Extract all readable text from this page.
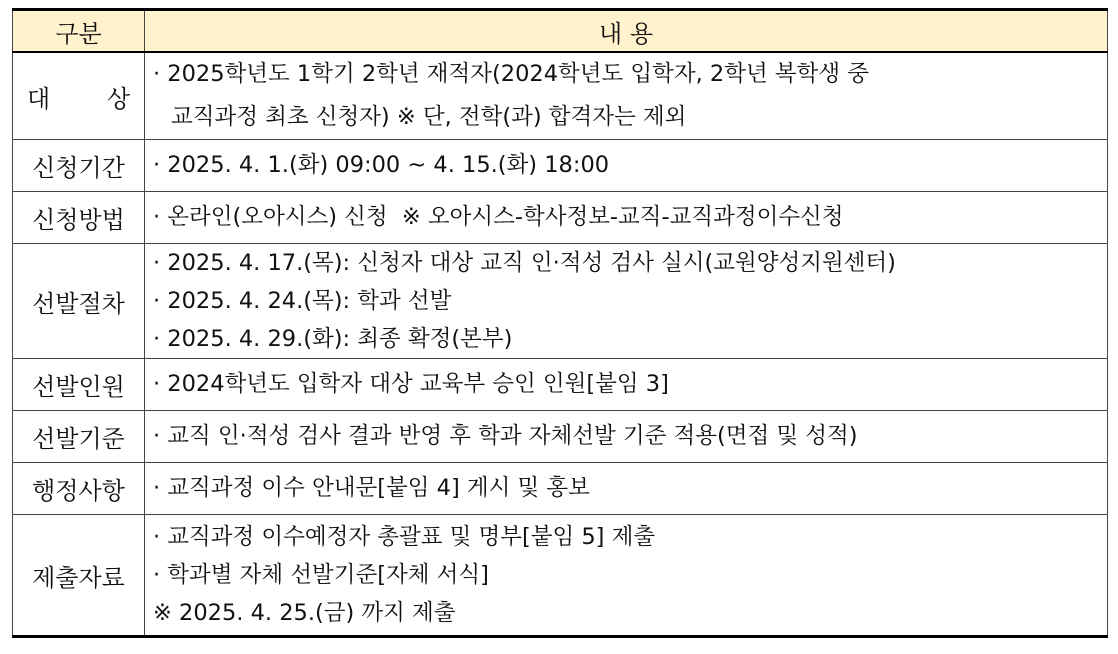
구분	내 용
대 상	· 2025학년도 1학기 2학년 재적자(2024학년도 입학자, 2학년 복학생 중
교직과정 최초 신청자) ※ 단, 전학(과) 합격자는 제외

신청기간	· 2025. 4. 1.(화) 09:00 ~ 4. 15.(화) 18:00

신청방법	· 온라인(오아시스) 신청  ※ 오아시스-학사정보-교직-교직과정이수신청

선발절차	· 2025. 4. 17.(목): 신청자 대상 교직 인·적성 검사 실시(교원양성지원센터)
· 2025. 4. 24.(목): 학과 선발
· 2025. 4. 29.(화): 최종 확정(본부)

선발인원	· 2024학년도 입학자 대상 교육부 승인 인원[붙임 3]

선발기준	· 교직 인·적성 검사 결과 반영 후 학과 자체선발 기준 적용(면접 및 성적)

행정사항	· 교직과정 이수 안내문[붙임 4] 게시 및 홍보

제출자료	· 교직과정 이수예정자 총괄표 및 명부[붙임 5] 제출
· 학과별 자체 선발기준[자체 서식]
※ 2025. 4. 25.(금) 까지 제출
